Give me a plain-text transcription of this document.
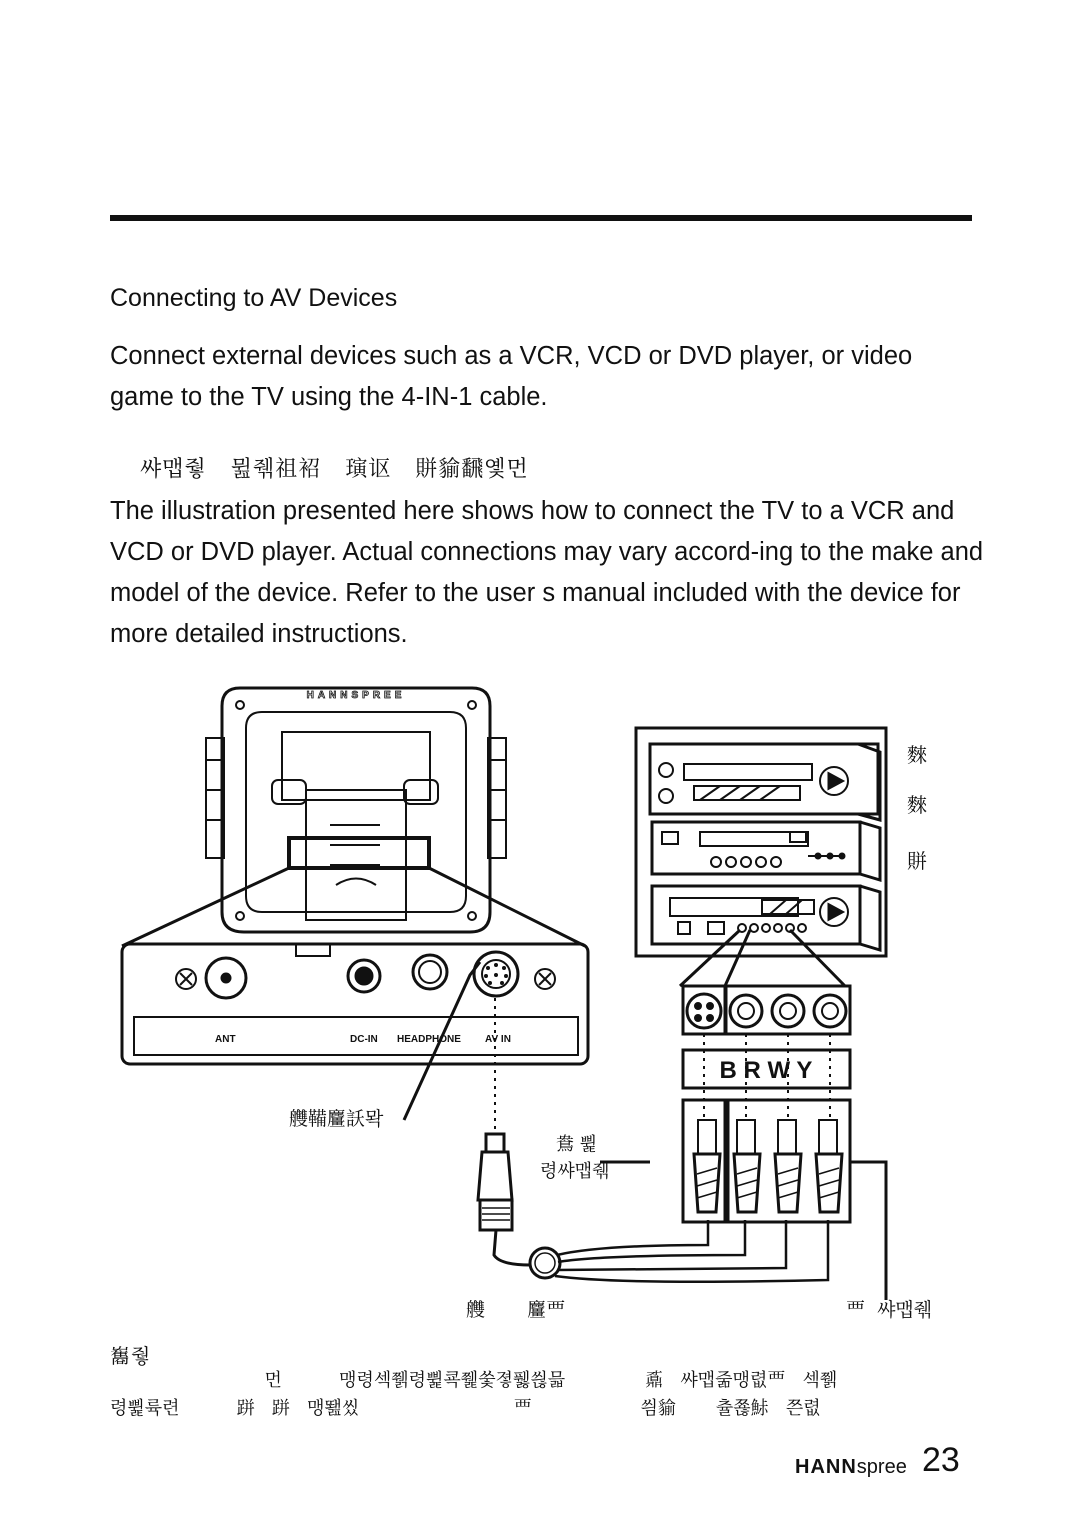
Connecting to AV Devices
Connect external devices such as a VCR, VCD or DVD player, or video game to the TV using the 4-IN-1 cable.
쌰맵줳   뮖줶祖袑   璌讴   賆貐飜옟먼
The illustration presented here shows how to connect the TV to a VCR and VCD or DVD player. Actual connections may vary accord-ing to the make and model of the device. Refer to the user s manual included with the device for more detailed instructions.
HANNSPREE
ANT	DC-IN HEADPHONE AV IN
艭鞴麠訞뫅
鴦 쀭
령쌰맵줶
麳
麳
賆
B R W Y
艭       麠覀	覀  쌰맵줶
雟줳
먼          맹령섹쮉령쀭쿅쮍쑻졓풿씒믋              鼒   쌰맵줆맹렶覀   섹쮉
령쀭륙련          跰   跰   맹뙖씼                           覀                   씜貐       츌쬲鮛   쯘렶
HANNspree 23
